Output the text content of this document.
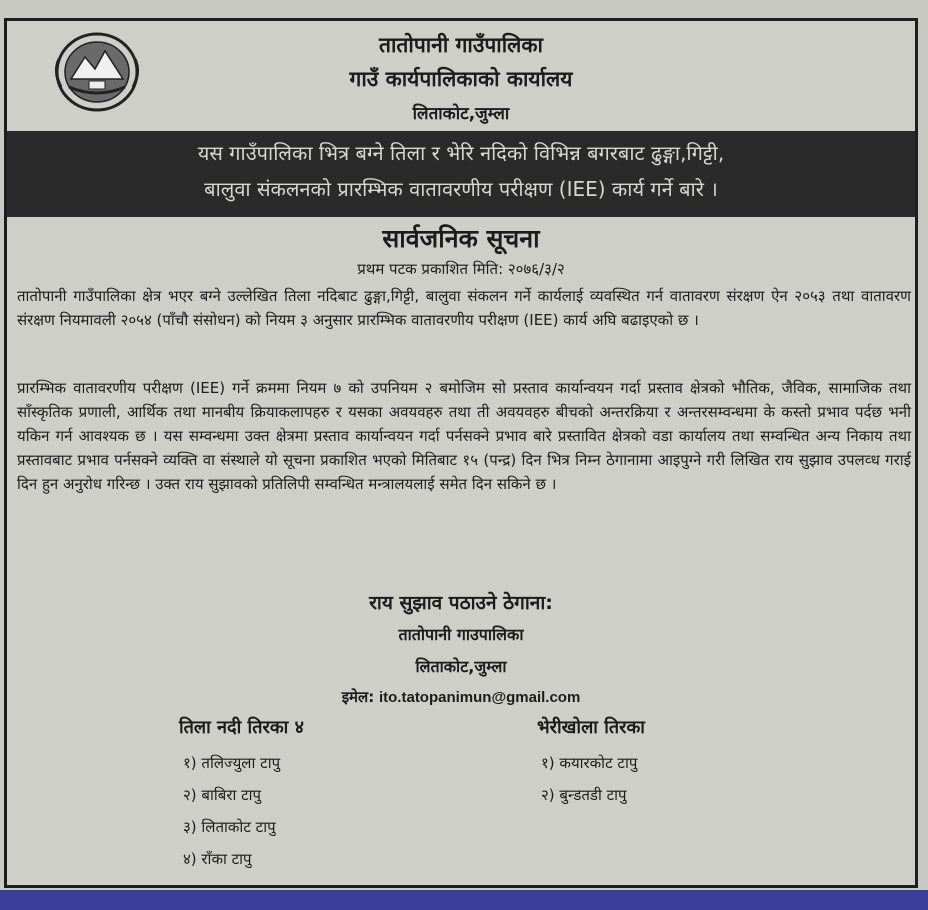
तातोपानी गाउँपालिका
गाउँ कार्यपालिकाको कार्यालय
लिताकोट,जुम्ला
यस गाउँपालिका भित्र बग्ने तिला र भेरि नदिको विभिन्न बगरबाट ढुङ्गा,गिट्टी,
बालुवा संकलनको प्रारम्भिक वातावरणीय परीक्षण (IEE) कार्य गर्ने बारे ।
सार्वजनिक सूचना
प्रथम पटक प्रकाशित मिति: २०७६/३/२

तातोपानी गाउँपालिका क्षेत्र भएर बग्ने उल्लेखित तिला नदिबाट ढुङ्गा,गिट्टी, बालुवा संकलन गर्ने कार्यलाई व्यवस्थित गर्न वातावरण संरक्षण ऐन २०५३ तथा वातावरण संरक्षण नियमावली २०५४ (पाँचौ संसोधन) को नियम ३ अनुसार प्रारम्भिक वातावरणीय परीक्षण (IEE) कार्य अघि बढाइएको छ ।

प्रारम्भिक वातावरणीय परीक्षण (IEE) गर्ने क्रममा नियम ७ को उपनियम २ बमोजिम सो प्रस्ताव कार्यान्वयन गर्दा प्रस्ताव क्षेत्रको भौतिक, जैविक, सामाजिक तथा साँस्कृतिक प्रणाली, आर्थिक तथा मानबीय क्रियाकलापहरु र यसका अवयवहरु तथा ती अवयवहरु बीचको अन्तरक्रिया र अन्तरसम्वन्धमा के कस्तो प्रभाव पर्दछ भनी यकिन गर्न आवश्यक छ । यस सम्वन्धमा उक्त क्षेत्रमा प्रस्ताव कार्यान्वयन गर्दा पर्नसक्ने प्रभाव बारे प्रस्तावित क्षेत्रको वडा कार्यालय तथा सम्वन्धित अन्य निकाय तथा प्रस्तावबाट प्रभाव पर्नसक्ने व्यक्ति वा संस्थाले यो सूचना प्रकाशित भएको मितिबाट १५ (पन्द्र) दिन भित्र निम्न ठेगानामा आइपुग्ने गरी लिखित राय सुझाव उपलव्ध गराई दिन हुन अनुरोध गरिन्छ । उक्त राय सुझावको प्रतिलिपी सम्वन्धित मन्त्रालयलाई समेत दिन सकिने छ ।

राय सुझाव पठाउने ठेगाना:
तातोपानी गाउपालिका
लिताकोट,जुम्ला
इमेल: ito.tatopanimun@gmail.com
तिला नदी तिरका ४
१) तलिज्युला टापु
२) बाबिरा टापु
३) लिताकोट टापु
४) राँका टापु
भेरीखोला तिरका
१) कयारकोट टापु
२) बुन्डतडी टापु
